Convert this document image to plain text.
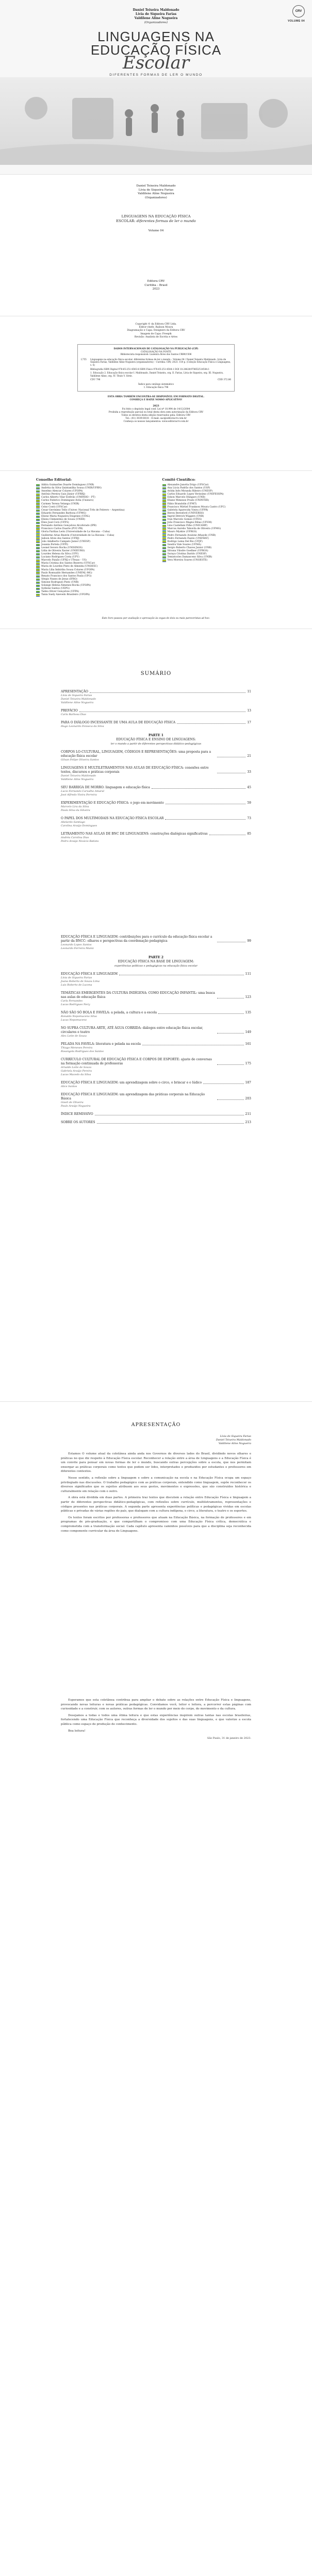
Daniel Teixeira Maldonado
Lívia de Siqueira Farias
Valdilene Aline Nogueira
(Organizadores)
LINGUAGENS NA
EDUCAÇÃO FÍSICA
Escolar
DIFERENTES FORMAS DE LER O MUNDO
CRV
VOLUME 04
Daniel Teixeira Maldonado
Lívia de Siqueira Farias
Valdilene Aline Nogueira
(Organizadores)
LINGUAGENS NA EDUCAÇÃO FÍSICA
ESCOLAR: diferentes formas de ler o mundo
Volume 04
Editora CRV
Curitiba – Brasil
2023
Copyright © da Editora CRV Ltda.
Editor-chefe: Railson Moura
Diagramação e Capa: Designers da Editora CRV
Imagem de Capa: Freepik
Revisão: Analista de Escrita e Artes
DADOS INTERNACIONAIS DE CATALOGAÇÃO NA PUBLICAÇÃO (CIP)
CATALOGAÇÃO NA FONTE
Bibliotecária responsável: Luzenira Alves dos Santos CRB9/1506
L755	Linguagens na educação física escolar: diferentes formas de ler o mundo – Volume 04 / Daniel Teixeira Maldonado, Lívia de Siqueira Farias, Valdilene Aline Nogueira (organizadores) – Curitiba: CRV, 2023. 154 p. (Coleção Educação Física e Linguagens, v. 4)
Bibliografia ISBN Digital 978-65-251-4545-8 ISBN Físico 978-65-251-4544-1 DOI 10.24824/978652514544.1
1. Educação 2. Educação física escolar I. Maldonado, Daniel Teixeira, org. II. Farias, Lívia de Siqueira, org. III. Nogueira, Valdilene Aline, org. IV. Título V. Série.
CDU 796	CDD 372.86
Índice para catálogo sistemático
1. Educação física 796
ESTA OBRA TAMBÉM ENCONTRA-SE DISPONÍVEL EM FORMATO DIGITAL.
CONHEÇA E BAIXE NOSSO APLICATIVO!
2023
Foi feito o depósito legal conf. Lei nº 10.994 de 14/12/2004
Proibida a reprodução parcial ou total desta obra sem autorização da Editora CRV
Todos os direitos desta edição reservados pela: Editora CRV
Tel.: (41) 3039-6418 – E-mail: sac@editoracrv.com.br
Conheça os nossos lançamentos: www.editoracrv.com.br
Conselho Editorial:
Aldira Guimarães Duarte Domínguez (UNB)
Andréia da Silva Quintanilha Sousa (UNIR/UFRN)
Anselmo Alencar Colares (UFOPA)
Antônio Pereira Gaio Júnior (UFRRJ)
Carlos Alberto Vilar Estêvão (UMINHO – PT)
Carlos Federico Dominguez Avila (Unieuro)
Carmen Tereza Velanga (UNIR)
Celso Conti (UFSCar)
Cesar Gerónimo Tello (Univer. Nacional Três de Febrero – Argentina)
Eduardo Fernandes Barbosa (UFMG)
Elione Maria Nogueira Diogenes (UFAL)
Elizeu Clementino de Souza (UNEB)
Élsio José Corá (UFFS)
Fernando Antônio Gonçalves Alcoforado (IPB)
Francisco Carlos Duarte (PUC-PR)
Gloria Fariñas León (Universidade de La Havana – Cuba)
Guillermo Arias Beatón (Universidade de La Havana – Cuba)
Jailson Alves dos Santos (UFRJ)
João Adalberto Campato Junior (UNESP)
Josania Portela (UFPI)
Leonel Severo Rocha (UNISINOS)
Lídia de Oliveira Xavier (UNIEURO)
Lourdes Helena da Silva (UFV)
Luciano Rodrigues Costa (UFV)
Marcelo Paixão (UFRJ e UTexas – US)
Maria Cristina dos Santos Bezerra (UFSCar)
Maria de Lourdes Pinto de Almeida (UNOESC)
Maria Lília Imbiriba Sousa Colares (UFOPA)
Paulo Romualdo Hernandes (UNIFAL-MG)
Renato Francisco dos Santos Paula (UFG)
Sérgio Nunes de Jesus (IFRO)
Simone Rodrigues Pinto (UNB)
Solange Helena Ximenes-Rocha (UFOPA)
Sydione Santos (UEPG)
Tadeu Oliver Gonçalves (UFPA)
Tania Suely Azevedo Brasileiro (UFOPA)
Comitê Científico:
Alexandre Janotta Drigo (UFSCar)
Ana Lúcia Padrão dos Santos (USP)
Arilda Inês Miranda Ribeiro (UNESP)
Carlos Eduardo Lopes Verissimo (UNIFESSPA)
Edson Marcelo Húngaro (UNB)
Eliane Mimesse Prado (UNINTER)
Fábio Brandolin (UFMT)
Francisco Mirtiel Frankson Moura Castro (UFC)
Gabriela Aparecida Vieira (UFPR)
Heron Beresford (UNIVERSO)
Ingrid Dittrich Wiggers (UNB)
Ivan Marcelo Gomes (UFES)
João Francisco Magno Ribas (UFSM)
Lino Castellani Filho (UNICAMP)
Marcus Aurelio Taborda de Oliveira (UFMG)
Mauro Myskiw (UFRGS)
Pedro Fernando Avalone Athayde (UNB)
Pedro Fernando Fazzio (UNEMAT)
Rodrigo Lema Del Rio (UFJF)
Sandra Vale Soares (UFMA)
Sergio Roberto Chaves Junior (UNB)
Silvana Vilodre Goellner (UFRGS)
Suraya Cristina Darido (UNESP)
Temistocles Damasceno Silva (UNIR)
Vera Moreira Soares (UNOESTE)
Este livro passou por avaliação e aprovação às cegas de dois ou mais pareceristas ad hoc.
SUMÁRIO
APRESENTAÇÃO	11
Lívia de Siqueira Farias
Daniel Teixeira Maldonado
Valdilene Aline Nogueira
PREFÁCIO	13
Carla Barbosa Dias
PARA O DIÁLOGO INCESSANTE DE UMA AULA DE EDUCAÇÃO FÍSICA	17
Hugo Leonardo Fonseca da Silva
PARTE 1
EDUCAÇÃO FÍSICA E ENSINO DE LINGUAGENS:
ler o mundo a partir de diferentes perspectivas didático-pedagógicas
CORPOS LO-CULTURAL, LINGUAGEM, CÓDIGOS E REPRESENTAÇÕES: uma proposta para a educação física escolar	21
Gilvan Felipe Oliveira Santos
LINGUAGENS E MULTILETRAMENTOS NAS AULAS DE EDUCAÇÃO FÍSICA: conexões entre textos, discursos e práticas corporais	33
Daniel Teixeira Maldonado
Valdilene Aline Nogueira
SEU BARRIGA DE MORRO: linguagem e educação física	45
Lucio Fernando Carvalho Amaral
José Alfredo Vieira Ferreira
EXPERIMENTAÇÃO E EDUCAÇÃO FÍSICA: o jogo em movimento	59
Marcelo Lira da Silva
Paula Silva da Silveira
O PAPEL DOS MULTIMODAIS NA EDUCAÇÃO FÍSICA ESCOLAR	73
Abelardo Santiago
Carolina Araújo Domingues
LETRAMENTO NAS AULAS DE BNC DE LINGUAGENS: construções dialógicas significativas	85
Andréa Carolina Dias
Pedro Araújo Nicácio Batista
EDUCAÇÃO FÍSICA E LINGUAGEM: contribuições para o currículo da educação física escolar a partir da BNCC: olhares e perspectivas da coordenação pedagógica	99
Leonardo Lopes Santos
Leonardo Ferreira Muniz
PARTE 2
EDUCAÇÃO FÍSICA NA BASE DE LINGUAGEM:
experiências políticas e pedagógicas na educação física escolar
EDUCAÇÃO FÍSICA E LINGUAGEM	111
Lívia de Siqueira Farias
Joana Roberta de Souza Lima
Luis Roberto de Lucena
TEMÁTICAS EMERGENTES DA CULTURA INDÍGENA: COMO EDUCAÇÃO INFANTIL: uma busca nas aulas de educação física	123
Carla Fernandes
Lucas Rodrigues Nery
NÃO SÃO SÓ BOLA E FAVELA: a pelada, a cultura e a escola	135
Ronaldo Nepomuceno Silva
Lucas Nepomuceno
NO SUPRA CULTURA ARTE, ATÉ ÁGUA CORRIDA: diálogos entre educação física escolar, circulares e teatro	149
Alex Leite de Souza
PELADA NA FAVELA: literatura e pelada na escola	161
Thiago Meneses Pereira
Rosangela Rodrigues dos Santos
CURRÍCULO CULTURAL DE EDUCAÇÃO FÍSICA E CORPOS DE ESPORTE: ajuste de conversas na formação continuada de professoras	175
Arnaldo Leite de Souza
Gabriela Araújo Pereira
Lucas Macedo da Silva
EDUCAÇÃO FÍSICA E LINGUAGEM: um aprendizagem sobre o circo, o brincar e o lúdico	187
Alice Santos
EDUCAÇÃO FÍSICA E LINGUAGEM: um aprendizagem das práticas corporais na Educação Básica	203
Giseli de Oliveira
Paulo Araújo Nogueira
ÍNDICE REMISSIVO	211
SOBRE OS AUTORES	213
APRESENTAÇÃO
Lívia de Siqueira Farias
Daniel Teixeira Maldonado
Valdilene Aline Nogueira

Estamos O volume atual da coletânea ainda anda nos Governos de diversos lados do Brasil, dividindo novos olhares e práticas no que diz respeito à Educação Física escolar. Reconhecer a relação entre a área de Linguagens e a Educação Física é um convite para pensar em novas formas de ler o mundo, buscando outras percepções sobre a escola, que nos permitam enxergar as práticas corporais como textos que podem ser lidos, interpretados e produzidos por estudantes e professores em diferentes contextos.

Nesse sentido, a reflexão sobre a linguagem e sobre a comunicação na escola e na Educação Física ocupa um espaço privilegiado nas discussões. O trabalho pedagógico com as práticas corporais, entendido como linguagem, supõe reconhecer os diversos significados que os sujeitos atribuem aos seus gestos, movimentos e expressões, que são construídos histórica e culturalmente em relação com o outro.

A obra está dividida em duas partes. A primeira traz textos que discutem a relação entre Educação Física e linguagem a partir de diferentes perspectivas didático-pedagógicas, com reflexões sobre currículo, multiletramentos, representações e códigos presentes nas práticas corporais. A segunda parte apresenta experiências políticas e pedagógicas vividas em escolas públicas e privadas de várias regiões do país, que dialogam com a cultura indígena, o circo, a literatura, o teatro e os esportes.

Os textos foram escritos por professoras e professores que atuam na Educação Básica, na formação de professores e em programas de pós-graduação, e que compartilham o compromisso com uma Educação Física crítica, democrática e comprometida com a transformação social. Cada capítulo apresenta caminhos possíveis para que a disciplina seja reconhecida como componente curricular da área de Linguagens.

Esperamos que esta coletânea contribua para ampliar o debate sobre as relações entre Educação Física e linguagens, provocando novas leituras e novas práticas pedagógicas. Convidamos você, leitor e leitora, a percorrer estas páginas com curiosidade e a construir, com os autores, outras formas de ler o mundo por meio do corpo, do movimento e da cultura.

Desejamos a todas e todos uma ótima leitura e que estas experiências inspirem outras tantas nas escolas brasileiras, fortalecendo uma Educação Física que reconheça a diversidade dos sujeitos e das suas linguagens, e que valorize a escola pública como espaço de produção de conhecimento.

Boa leitura!

São Paulo, 31 de janeiro de 2023.
